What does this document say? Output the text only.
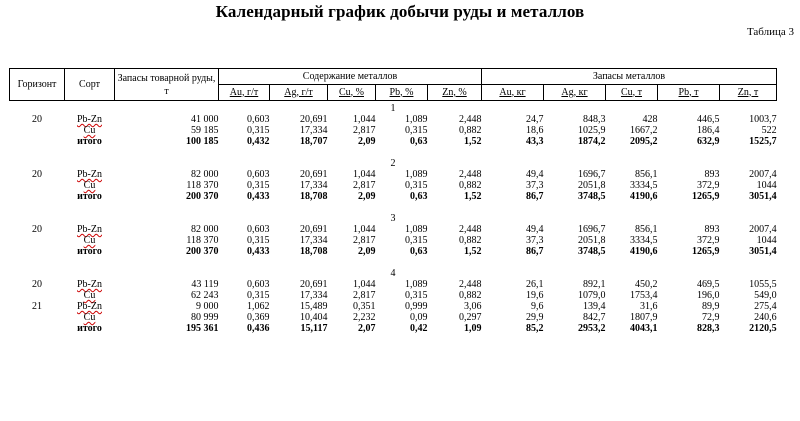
Календарный график добычи руды и металлов
Таблица 3
Горизонт	Сорт	Запасы товарной руды, т	Содержание металлов					Запасы металлов				
			Au, г/т	Ag, г/т	Cu, %	Pb, %	Zn, %	Au, кг	Ag, кг	Cu, т	Pb, т	Zn, т
1												
20	Pb-Zn	41 000	0,603	20,691	1,044	1,089	2,448	24,7	848,3	428	446,5	1003,7
	Cu	59 185	0,315	17,334	2,817	0,315	0,882	18,6	1025,9	1667,2	186,4	522
	итого	100 185	0,432	18,707	2,09	0,63	1,52	43,3	1874,2	2095,2	632,9	1525,7
2												
20	Pb-Zn	82 000	0,603	20,691	1,044	1,089	2,448	49,4	1696,7	856,1	893	2007,4
	Cu	118 370	0,315	17,334	2,817	0,315	0,882	37,3	2051,8	3334,5	372,9	1044
	итого	200 370	0,433	18,708	2,09	0,63	1,52	86,7	3748,5	4190,6	1265,9	3051,4
3												
20	Pb-Zn	82 000	0,603	20,691	1,044	1,089	2,448	49,4	1696,7	856,1	893	2007,4
	Cu	118 370	0,315	17,334	2,817	0,315	0,882	37,3	2051,8	3334,5	372,9	1044
	итого	200 370	0,433	18,708	2,09	0,63	1,52	86,7	3748,5	4190,6	1265,9	3051,4
4												
20	Pb-Zn	43 119	0,603	20,691	1,044	1,089	2,448	26,1	892,1	450,2	469,5	1055,5
	Cu	62 243	0,315	17,334	2,817	0,315	0,882	19,6	1079,0	1753,4	196,0	549,0
21	Pb-Zn	9 000	1,062	15,489	0,351	0,999	3,06	9,6	139,4	31,6	89,9	275,4
	Cu	80 999	0,369	10,404	2,232	0,09	0,297	29,9	842,7	1807,9	72,9	240,6
	итого	195 361	0,436	15,117	2,07	0,42	1,09	85,2	2953,2	4043,1	828,3	2120,5
